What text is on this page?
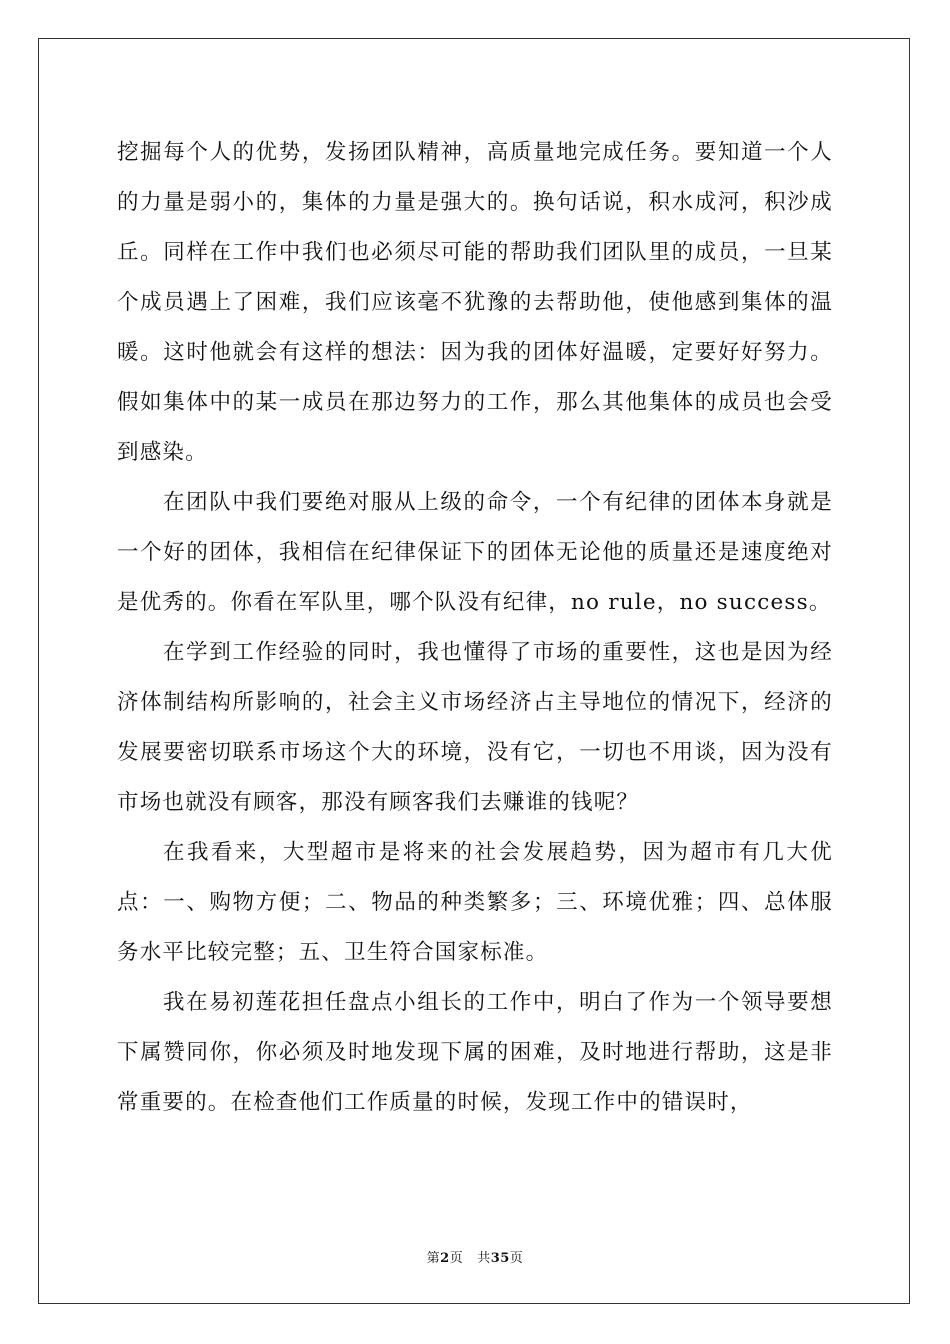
挖掘每个人的优势，发扬团队精神，高质量地完成任务。要知道一个人的力量是弱小的，集体的力量是强大的。换句话说，积水成河，积沙成丘。同样在工作中我们也必须尽可能的帮助我们团队里的成员，一旦某个成员遇上了困难，我们应该毫不犹豫的去帮助他，使他感到集体的温暖。这时他就会有这样的想法：因为我的团体好温暖，定要好好努力。假如集体中的某一成员在那边努力的工作，那么其他集体的成员也会受到感染。

在团队中我们要绝对服从上级的命令，一个有纪律的团体本身就是一个好的团体，我相信在纪律保证下的团体无论他的质量还是速度绝对是优秀的。你看在军队里，哪个队没有纪律，no rule，no success。

在学到工作经验的同时，我也懂得了市场的重要性，这也是因为经济体制结构所影响的，社会主义市场经济占主导地位的情况下，经济的发展要密切联系市场这个大的环境，没有它，一切也不用谈，因为没有市场也就没有顾客，那没有顾客我们去赚谁的钱呢？

在我看来，大型超市是将来的社会发展趋势，因为超市有几大优点：一、购物方便；二、物品的种类繁多；三、环境优雅；四、总体服务水平比较完整；五、卫生符合国家标准。

我在易初莲花担任盘点小组长的工作中，明白了作为一个领导要想下属赞同你，你必须及时地发现下属的困难，及时地进行帮助，这是非常重要的。在检查他们工作质量的时候，发现工作中的错误时，

第2页 共35页
